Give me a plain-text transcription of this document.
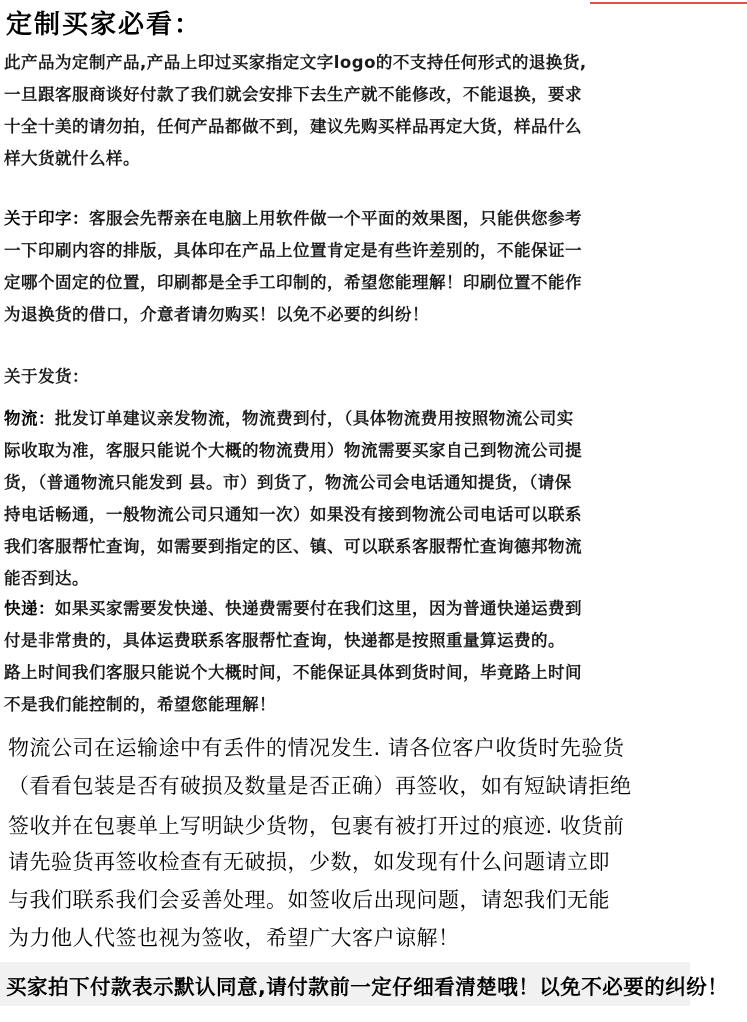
定制买家必看：
此产品为定制产品,产品上印过买家指定文字logo的不支持任何形式的退换货,
一旦跟客服商谈好付款了我们就会安排下去生产就不能修改，不能退换，要求
十全十美的请勿拍，任何产品都做不到，建议先购买样品再定大货，样品什么
样大货就什么样。
关于印字：客服会先帮亲在电脑上用软件做一个平面的效果图，只能供您参考
一下印刷内容的排版，具体印在产品上位置肯定是有些许差别的，不能保证一
定哪个固定的位置，印刷都是全手工印制的，希望您能理解！印刷位置不能作
为退换货的借口，介意者请勿购买！以免不必要的纠纷！
关于发货：
物流：批发订单建议亲发物流，物流费到付，（具体物流费用按照物流公司实
际收取为准，客服只能说个大概的物流费用）物流需要买家自己到物流公司提
货，（普通物流只能发到 县。市）到货了，物流公司会电话通知提货，（请保
持电话畅通，一般物流公司只通知一次）如果没有接到物流公司电话可以联系
我们客服帮忙查询，如需要到指定的区、镇、可以联系客服帮忙查询德邦物流
能否到达。
快递：如果买家需要发快递、快递费需要付在我们这里，因为普通快递运费到
付是非常贵的，具体运费联系客服帮忙查询，快递都是按照重量算运费的。
路上时间我们客服只能说个大概时间，不能保证具体到货时间，毕竟路上时间
不是我们能控制的，希望您能理解！
物流公司在运输途中有丢件的情况发生. 请各位客户收货时先验货
（看看包装是否有破损及数量是否正确）再签收，如有短缺请拒绝
签收并在包裹单上写明缺少货物，包裹有被打开过的痕迹. 收货前
请先验货再签收检查有无破损，少数，如发现有什么问题请立即
与我们联系我们会妥善处理。如签收后出现问题，请恕我们无能
为力他人代签也视为签收，希望广大客户谅解！
买家拍下付款表示默认同意,请付款前一定仔细看清楚哦！以免不必要的纠纷！
